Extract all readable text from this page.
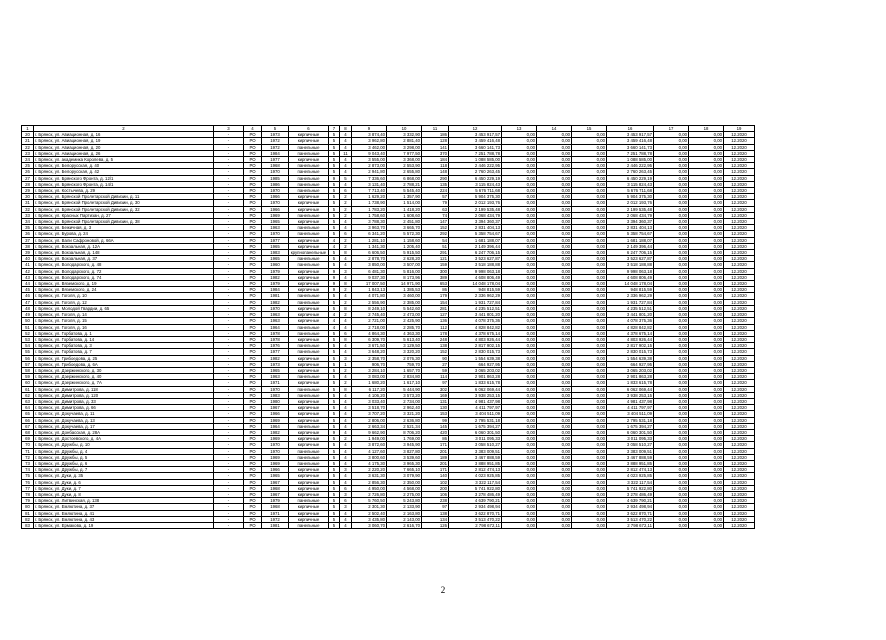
1	2	3	4	5	6	7	8	9	10	11	12	13	14	15	16	17	18	19
20	г. Брянск, ул. Авиационная, д. 16	-	РО	1973	кирпичные	5	4	3 874,40	3 332,90	186	3 453 917,57	0,00	0,00	0,00	3 453 917,57	0,00	0,00	12.2020
21	г. Брянск, ул. Авиационная, д. 19	-	РО	1972	кирпичные	5	4	3 962,80	2 881,40	128	3 459 416,48	0,00	0,00	0,00	3 459 416,48	0,00	0,00	12.2020
22	г. Брянск, ул. Авиационная, д. 20	-	РО	1972	панельные	5	4	3 462,00	3 298,00	141	3 660 141,73	0,00	0,00	0,00	3 660 141,73	0,00	0,00	12.2020
23	г. Брянск, ул. Авиационная, д. 26	-	РО	1984	панельные	5	11	9 043,40	7 977,50	370	7 251 788,78	0,00	0,00	0,00	7 251 788,78	0,00	0,00	12.2020
24	г. Брянск, ул. академика Королева, д. 5	-	РО	1977	кирпичные	5	4	3 555,00	3 368,00	184	1 088 585,00	0,00	0,00	0,00	1 088 585,00	0,00	0,00	12.2020
25	г. Брянск, ул. Белорусская, д. 40	-	РО	1968	панельные	5	4	2 873,00	2 553,90	118	2 446 222,95	0,00	0,00	0,00	2 446 222,95	0,00	0,00	12.2020
26	г. Брянск, ул. Белорусская, д. 42	-	РО	1970	панельные	5	4	2 941,80	2 655,80	148	2 760 263,45	0,00	0,00	0,00	2 760 263,45	0,00	0,00	12.2020
27	г. Брянск, ул. Брянского Фронта, д. 12/1	-	РО	1985	панельные	9	5	7 336,60	6 868,00	290	6 450 229,19	0,00	0,00	0,00	6 450 229,19	0,00	0,00	12.2020
28	г. Брянск, ул. Брянского Фронта, д. 14/1	-	РО	1986	панельные	5	4	3 131,40	2 788,21	135	3 115 824,43	0,00	0,00	0,00	3 115 824,43	0,00	0,00	12.2020
29	г. Брянск, ул. Костычева, д. 29	-	РО	1970	панельные	5	6	7 713,40	5 545,40	224	5 676 711,68	0,00	0,00	0,00	5 676 711,68	0,00	0,00	12.2020
30	г. Брянск, ул. Брянской Пролетарской Дивизии, д. 11	-	РО	1966	кирпичные	5	2	1 629,20	1 357,90	57	5 904 375,30	0,00	0,00	0,00	5 904 375,30	0,00	0,00	12.2020
31	г. Брянск, ул. Брянской Пролетарской Дивизии, д. 30	-	РО	1970	кирпичные	5	2	1 738,90	1 514,00	79	2 012 193,76	0,00	0,00	0,00	2 012 193,76	0,00	0,00	12.2020
32	г. Брянск, ул. Брянской Пролетарской Дивизии, д. 32	-	РО	1966	кирпичные	5	2	1 783,20	1 418,20	63	2 199 535,48	0,00	0,00	0,00	2 199 535,48	0,00	0,00	12.2020
33	г. Брянск, ул. Красных Партизан, д. 27	-	РО	1969	панельные	5	2	1 758,60	1 608,60	74	2 068 434,79	0,00	0,00	0,00	2 068 434,79	0,00	0,00	12.2020
34	г. Брянск, ул. Брянской Пролетарской Дивизии, д. 38	-	РО	1965	кирпичные	5	4	3 788,30	2 451,80	147	3 394 360,37	0,00	0,00	0,00	3 394 360,37	0,00	0,00	12.2020
35	г. Брянск, ул. Бежичная, д. 3	-	РО	1963	панельные	5	4	3 963,70	3 665,70	152	2 831 404,13	0,00	0,00	0,00	2 831 404,13	0,00	0,00	12.2020
36	г. Брянск, ул. Бурова, д. 24	-	РО	1970	панельные	5	6	6 341,20	5 572,30	292	5 358 754,67	0,00	0,00	0,00	5 358 754,67	0,00	0,00	12.2020
37	г. Брянск, ул. Вали Сафроновой, д. 66А	-	РО	1977	кирпичные	4	2	1 281,10	1 158,60	54	1 681 188,07	0,00	0,00	0,00	1 681 188,07	0,00	0,00	12.2020
38	г. Брянск, ул. Вокзальная, д. 12А	-	РО	1965	кирпичные	4	2	1 341,30	1 205,40	51	2 149 396,44	0,00	0,00	0,00	2 149 396,44	0,00	0,00	12.2020
39	г. Брянск, ул. Вокзальная, д. 148	-	РО	1983	крупнопанельные	5	8	6 606,50	5 915,50	291	6 247 706,15	0,00	0,00	0,00	6 247 706,15	0,00	0,00	12.2020
40	г. Брянск, ул. Вокзальная, д. 37	-	РО	1965	панельные	5	4	2 878,70	2 628,20	121	3 523 627,87	0,00	0,00	0,00	3 523 627,87	0,00	0,00	12.2020
41	г. Брянск, ул. Володарского, д. 48	-	РО	1960	панельные	5	4	3 850,00	3 507,00	159	3 518 188,88	0,00	0,00	0,00	3 518 188,88	0,00	0,00	12.2020
42	г. Брянск, ул. Володарского, д. 72	-	РО	1979	кирпичные	9	3	6 481,30	5 816,00	300	9 998 063,18	0,00	0,00	0,00	9 998 063,18	0,00	0,00	12.2020
43	г. Брянск, ул. Володарского, д. 74	-	РО	1982	кирпичные	9	4	9 037,30	8 173,96	389	4 608 806,49	0,00	0,00	0,00	4 608 806,49	0,00	0,00	12.2020
44	г. Брянск, ул. Вяземского, д. 19	-	РО	1979	кирпичные	9	8	17 007,50	14 971,90	653	14 048 178,04	0,00	0,00	0,00	14 048 178,04	0,00	0,00	12.2020
45	г. Брянск, ул. Вяземского, д. 24	-	РО	1984	кирпичные	9	2	1 843,13	1 385,53	86	948 815,59	0,00	0,00	0,00	948 815,59	0,00	0,00	12.2020
46	г. Брянск, ул. Гоголя, д. 10	-	РО	1981	панельные	5	4	4 071,80	3 460,00	179	2 336 962,29	0,00	0,00	0,00	2 336 962,29	0,00	0,00	12.2020
47	г. Брянск, ул. Гоголя, д. 12	-	РО	1982	панельные	5	2	2 556,90	2 385,00	154	1 931 727,84	0,00	0,00	0,00	1 931 727,84	0,00	0,00	12.2020
48	г. Брянск, ул. Молодой Гвардии, д. 65	-	РО	1970	кирпичные	5	8	8 249,10	5 542,60	281	4 235 512,51	0,00	0,00	0,00	4 235 512,51	0,00	0,00	12.2020
49	г. Брянск, ул. Гоголя, д. 14	-	РО	1963	кирпичные	4	2	2 745,40	2 473,00	127	3 441 801,20	0,00	0,00	0,00	3 441 801,20	0,00	0,00	12.2020
50	г. Брянск, ул. Гоголя, д. 15	-	РО	1963	кирпичные	4	4	2 721,00	2 425,90	136	4 078 375,36	0,00	0,00	0,00	4 078 375,36	0,00	0,00	12.2020
51	г. Брянск, ул. Гоголя, д. 16	-	РО	1964	панельные	4	4	2 718,00	2 285,70	112	4 828 842,82	0,00	0,00	0,00	4 828 842,82	0,00	0,00	12.2020
52	г. Брянск, ул. Горбатова, д. 1	-	РО	1978	панельные	5	6	4 864,30	4 363,30	178	4 378 675,14	0,00	0,00	0,00	4 378 675,14	0,00	0,00	12.2020
53	г. Брянск, ул. Горбатова, д. 14	-	РО	1978	кирпичные	5	8	6 309,70	5 613,40	248	4 803 926,44	0,00	0,00	0,00	4 803 926,44	0,00	0,00	12.2020
54	г. Брянск, ул. Горбатова, д. 3	-	РО	1976	панельные	5	4	3 671,50	3 129,50	138	2 817 902,15	0,00	0,00	0,00	2 817 902,15	0,00	0,00	12.2020
55	г. Брянск, ул. Горбатова, д. 7	-	РО	1977	панельные	5	4	3 648,20	3 320,20	152	2 830 015,73	0,00	0,00	0,00	2 830 015,73	0,00	0,00	12.2020
56	г. Брянск, ул. Грибоедова, д. 25	-	РО	1982	кирпичные	5	3	2 358,70	2 076,30	90	1 554 639,38	0,00	0,00	0,00	1 554 639,38	0,00	0,00	12.2020
57	г. Брянск, ул. Грибоедова, д. 6А	-	РО	1973	кирпичные	5	1	906,70	759,70	27	664 927,95	0,00	0,00	0,00	664 927,95	0,00	0,00	12.2020
58	г. Брянск, ул. Дзержинского, д. 30	-	РО	1965	кирпичные	5	2	3 284,10	1 657,70	59	3 065 203,02	0,00	0,00	0,00	3 065 203,02	0,00	0,00	12.2020
59	г. Брянск, ул. Дзержинского, д. 40	-	РО	1963	панельные	5	4	3 083,00	2 834,80	114	2 901 863,28	0,00	0,00	0,00	2 901 863,28	0,00	0,00	12.2020
60	г. Брянск, ул. Дзержинского, д. 7А	-	РО	1971	кирпичные	5	2	1 680,20	1 617,10	97	1 833 615,78	0,00	0,00	0,00	1 833 615,78	0,00	0,00	12.2020
61	г. Брянск, ул. Димитрова, д. 118	-	РО	1970	панельные	5	8	6 117,20	5 444,90	302	6 062 069,44	0,00	0,00	0,00	6 062 069,44	0,00	0,00	12.2020
62	г. Брянск, ул. Димитрова, д. 120	-	РО	1983	панельные	5	4	4 106,20	3 573,20	169	3 938 253,15	0,00	0,00	0,00	3 938 253,15	0,00	0,00	12.2020
63	г. Брянск, ул. Димитрова, д. 33	-	РО	1980	кирпичные	5	4	3 033,40	2 734,00	131	4 981 437,98	0,00	0,00	0,00	4 981 437,98	0,00	0,00	12.2020
64	г. Брянск, ул. Димитрова, д. 66	-	РО	1967	кирпичные	5	4	3 518,70	2 962,40	130	4 411 797,97	0,00	0,00	0,00	4 411 797,97	0,00	0,00	12.2020
65	г. Брянск, ул. Докучаева, д. 11	-	РО	1966	кирпичные	5	4	3 707,20	3 321,20	153	3 404 511,09	0,00	0,00	0,00	3 404 511,09	0,00	0,00	12.2020
66	г. Брянск, ул. Докучаева, д. 13	-	РО	1969	кирпичные	5	4	2 806,00	2 636,80	99	2 795 531,18	0,00	0,00	0,00	2 795 531,18	0,00	0,00	12.2020
67	г. Брянск, ул. Докучаева, д. 17	-	РО	1964	панельные	5	4	2 663,34	2 521,34	145	1 675 394,27	0,00	0,00	0,00	1 675 394,27	0,00	0,00	12.2020
68	г. Брянск, ул. Донбасская, д. 28А	-	РО	1982	кирпичные	9	4	9 662,90	8 706,20	420	6 060 301,50	0,00	0,00	0,00	6 060 301,50	0,00	0,00	12.2020
69	г. Брянск, ул. Достоевского, д. 4А	-	РО	1969	кирпичные	5	2	1 949,00	1 769,00	86	3 011 095,33	0,00	0,00	0,00	3 011 095,33	0,00	0,00	12.2020
70	г. Брянск, ул. Дружбы, д. 10	-	РО	1970	кирпичные	5	4	3 872,60	3 945,90	171	3 058 510,27	0,00	0,00	0,00	3 058 510,27	0,00	0,00	12.2020
71	г. Брянск, ул. Дружбы, д. 4	-	РО	1970	панельные	5	4	4 127,60	3 827,80	201	3 383 009,51	0,00	0,00	0,00	3 383 009,51	0,00	0,00	12.2020
72	г. Брянск, ул. Дружбы, д. 5	-	РО	1969	панельные	5	4	3 800,60	3 539,60	189	3 467 888,59	0,00	0,00	0,00	3 467 888,59	0,00	0,00	12.2020
73	г. Брянск, ул. Дружбы, д. 6	-	РО	1969	панельные	5	4	4 175,30	3 965,30	201	3 888 951,85	0,00	0,00	0,00	3 888 951,85	0,00	0,00	12.2020
74	г. Брянск, ул. Дружбы, д. 7	-	РО	1966	кирпичные	5	3	2 220,20	7 665,10	171	2 812 474,13	0,00	0,00	0,00	2 812 474,13	0,00	0,00	12.2020
75	г. Брянск, ул. Дуки, д. 35	-	РО	1965	кирпичные	5	4	3 631,30	3 079,90	140	4 023 925,85	0,00	0,00	0,00	4 023 925,85	0,00	0,00	12.2020
76	г. Брянск, ул. Дуки, д. 6	-	РО	1967	кирпичные	5	4	2 856,30	2 350,00	102	3 322 117,54	0,00	0,00	0,00	3 322 117,54	0,00	0,00	12.2020
77	г. Брянск, ул. Дуки, д. 7	-	РО	1968	кирпичные	5	6	4 950,00	4 568,00	200	5 741 922,80	0,00	0,00	0,00	5 741 922,80	0,00	0,00	12.2020
78	г. Брянск, ул. Дуки, д. 8	-	РО	1967	кирпичные	5	3	2 726,80	2 275,00	106	3 278 486,49	0,00	0,00	0,00	3 278 486,49	0,00	0,00	12.2020
79	г. Брянск, ул. Литвинская, д. 138	-	РО	1979	панельные	5	6	5 760,50	5 243,80	238	4 639 790,21	0,00	0,00	0,00	4 639 790,21	0,00	0,00	12.2020
80	г. Брянск, ул. Емлютина, д. 37	-	РО	1968	кирпичные	5	3	2 301,30	2 133,90	97	2 934 498,94	0,00	0,00	0,00	2 934 498,94	0,00	0,00	12.2020
81	г. Брянск, ул. Емлютина, д. 41	-	РО	1971	кирпичные	5	4	2 502,40	2 163,80	138	3 622 870,71	0,00	0,00	0,00	3 622 870,71	0,00	0,00	12.2020
82	г. Брянск, ул. Емлютина, д. 43	-	РО	1972	кирпичные	5	4	3 435,80	2 143,00	134	3 513 470,22	0,00	0,00	0,00	3 513 470,22	0,00	0,00	12.2020
83	г. Брянск, ул. Ермакова, д. 19	-	РО	1981	панельные	5	4	3 060,70	2 616,70	126	2 798 672,11	0,00	0,00	0,00	2 798 672,11	0,00	0,00	12.2020
2
